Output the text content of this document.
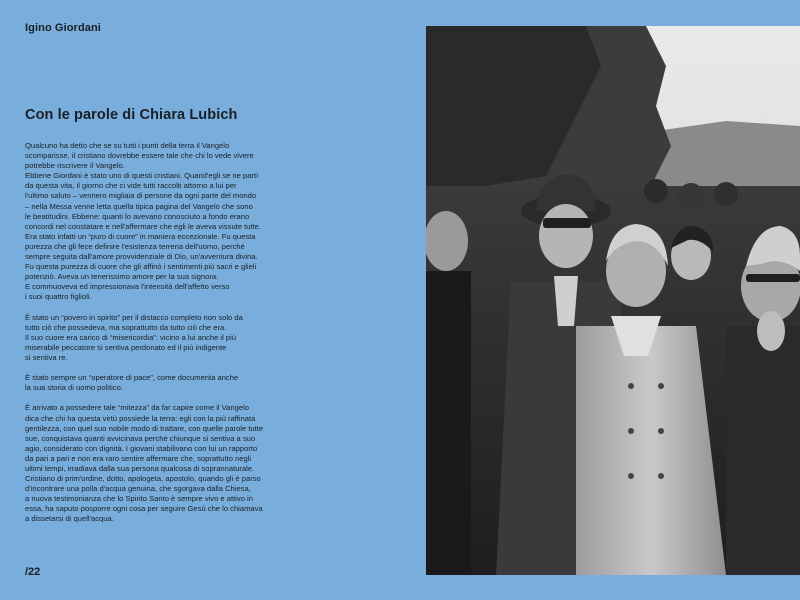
Igino Giordani
Con le parole di Chiara Lubich

Qualcuno ha detto che se su tutti i punti della terra il Vangelo
scomparisse, il cristiano dovrebbe essere tale che chi lo vede vivere
potrebbe riscrivere il Vangelo.
Ebbene Giordani è stato uno di questi cristiani. Quand'egli se ne partì
da questa vita, il giorno che ci vide tutti raccolti attorno a lui per
l'ultimo saluto – vennero migliaia di persone da ogni parte del mondo
– nella Messa venne letta quella tipica pagina del Vangelo che sono
le beatitudini. Ebbene: quanti lo avevano conosciuto a fondo erano
concordi nel constatare e nell'affermare che egli le aveva vissute tutte.
Era stato infatti un “puro di cuore” in maniera eccezionale. Fu questa
purezza che gli fece definire l'esistenza terrena dell'uomo, perché
sempre seguita dall'amore provvidenziale di Dio, un'avventura divina.
Fu questa purezza di cuore che gli affinò i sentimenti più sacri e glieli
potenziò. Aveva un tenerissimo amore per la sua signora.
E commuoveva ed impressionava l'intensità dell'affetto verso
i suoi quattro figlioli.

È stato un “povero in spirito” per il distacco completo non solo da
tutto ciò che possedeva, ma soprattutto da tutto ciò che era.
Il suo cuore era carico di “misericordia”: vicino a lui anche il più
miserabile peccatore si sentiva perdonato ed il più indigente
si sentiva re.

È stato sempre un “operatore di pace”, come documenta anche
la sua storia di uomo politico.

È arrivato a possedere tale “mitezza” da far capire come il Vangelo
dica che chi ha questa virtù possiede la terra: egli con la più raffinata
gentilezza, con quel suo nobile modo di trattare, con quelle parole tutte
sue, conquistava quanti avvicinava perché chiunque si sentiva a suo
agio, considerato con dignità. I giovani stabilivano con lui un rapporto
da pari a pari e non era raro sentire affermare che, soprattutto negli
ultimi tempi, irradiava dalla sua persona qualcosa di soprannaturale.
Cristiano di prim'ordine, dotto, apologeta, apostolo, quando gli è parso
d'incontrare una polla d'acqua genuina, che sgorgava dalla Chiesa,
a nuova testimonianza che lo Spirito Santo è sempre vivo e attivo in
essa, ha saputo posporre ogni cosa per seguire Gesù che lo chiamava
a dissetarsi di quell'acqua.

/22
